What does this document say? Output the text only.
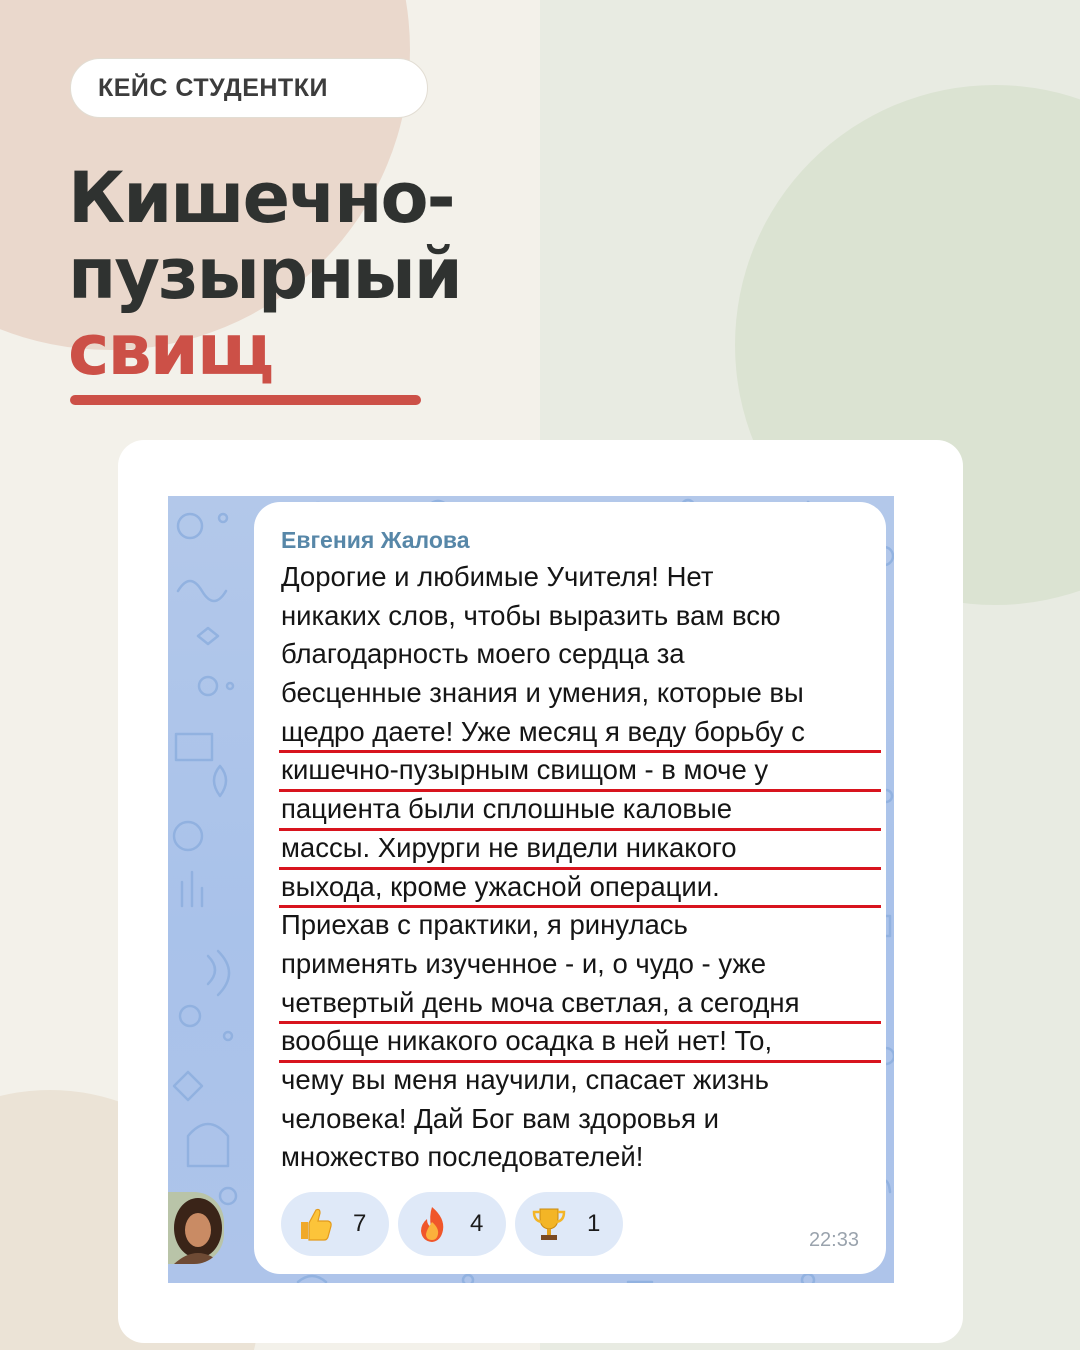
КЕЙС СТУДЕНТКИ
Кишечно-
пузырный
свищ
Евгения Жалова
Дорогие и любимые Учителя! Нет
никаких слов, чтобы выразить вам всю
благодарность моего сердца за
бесценные знания и умения, которые вы
щедро даете! Уже месяц я веду борьбу с
кишечно-пузырным свищом - в моче у
пациента были сплошные каловые
массы. Хирурги не видели никакого
выхода, кроме ужасной операции.
Приехав с практики, я ринулась
применять изученное - и, о чудо - уже
четвертый день моча светлая, а сегодня
вообще никакого осадка в ней нет! То,
чему вы меня научили, спасает жизнь
человека! Дай Бог вам здоровья и
множество последователей!
7	4	1
22:33
